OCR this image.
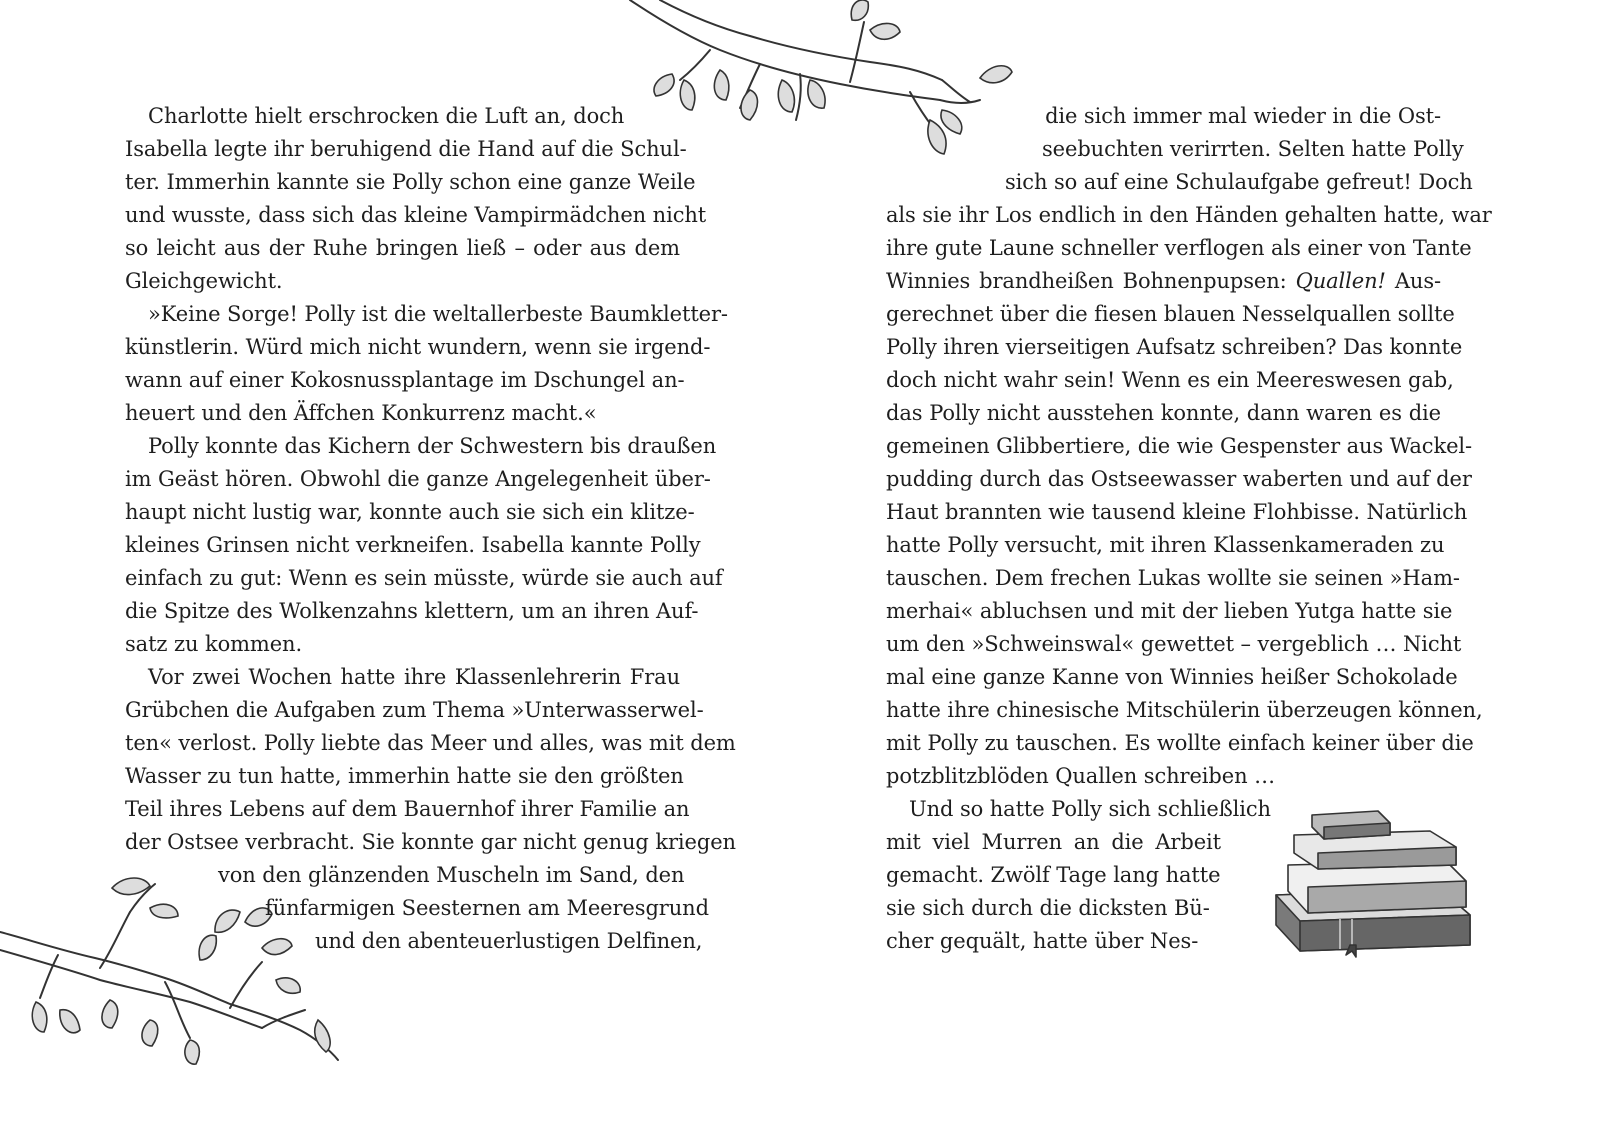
Charlotte hielt erschrocken die Luft an, doch
Isabella legte ihr beruhigend die Hand auf die Schul-
ter. Immerhin kannte sie Polly schon eine ganze Weile
und wusste, dass sich das kleine Vampirmädchen nicht
so leicht aus der Ruhe bringen ließ – oder aus dem
Gleichgewicht.
»Keine Sorge! Polly ist die weltallerbeste Baumkletter-
künstlerin. Würd mich nicht wundern, wenn sie irgend-
wann auf einer Kokosnussplantage im Dschungel an-
heuert und den Äffchen Konkurrenz macht.«
Polly konnte das Kichern der Schwestern bis draußen
im Geäst hören. Obwohl die ganze Angelegenheit über-
haupt nicht lustig war, konnte auch sie sich ein klitze-
kleines Grinsen nicht verkneifen. Isabella kannte Polly
einfach zu gut: Wenn es sein müsste, würde sie auch auf
die Spitze des Wolkenzahns klettern, um an ihren Auf-
satz zu kommen.
Vor zwei Wochen hatte ihre Klassenlehrerin Frau
Grübchen die Aufgaben zum Thema »Unterwasserwel-
ten« verlost. Polly liebte das Meer und alles, was mit dem
Wasser zu tun hatte, immerhin hatte sie den größten
Teil ihres Lebens auf dem Bauernhof ihrer Familie an
der Ostsee verbracht. Sie konnte gar nicht genug kriegen
von den glänzenden Muscheln im Sand, den
fünfarmigen Seesternen am Meeresgrund
und den abenteuerlustigen Delfinen,
die sich immer mal wieder in die Ost-
seebuchten verirrten. Selten hatte Polly
sich so auf eine Schulaufgabe gefreut! Doch
als sie ihr Los endlich in den Händen gehalten hatte, war
ihre gute Laune schneller verflogen als einer von Tante
Winnies brandheißen Bohnenpupsen: Quallen! Aus-
gerechnet über die fiesen blauen Nesselquallen sollte
Polly ihren vierseitigen Aufsatz schreiben? Das konnte
doch nicht wahr sein! Wenn es ein Meereswesen gab,
das Polly nicht ausstehen konnte, dann waren es die
gemeinen Glibbertiere, die wie Gespenster aus Wackel-
pudding durch das Ostseewasser waberten und auf der
Haut brannten wie tausend kleine Flohbisse. Natürlich
hatte Polly versucht, mit ihren Klassenkameraden zu
tauschen. Dem frechen Lukas wollte sie seinen »Ham-
merhai« abluchsen und mit der lieben Yutga hatte sie
um den »Schweinswal« gewettet – vergeblich … Nicht
mal eine ganze Kanne von Winnies heißer Schokolade
hatte ihre chinesische Mitschülerin überzeugen können,
mit Polly zu tauschen. Es wollte einfach keiner über die
potzblitzblöden Quallen schreiben …
Und so hatte Polly sich schließlich
mit viel Murren an die Arbeit
gemacht. Zwölf Tage lang hatte
sie sich durch die dicksten Bü-
cher gequält, hatte über Nes-
